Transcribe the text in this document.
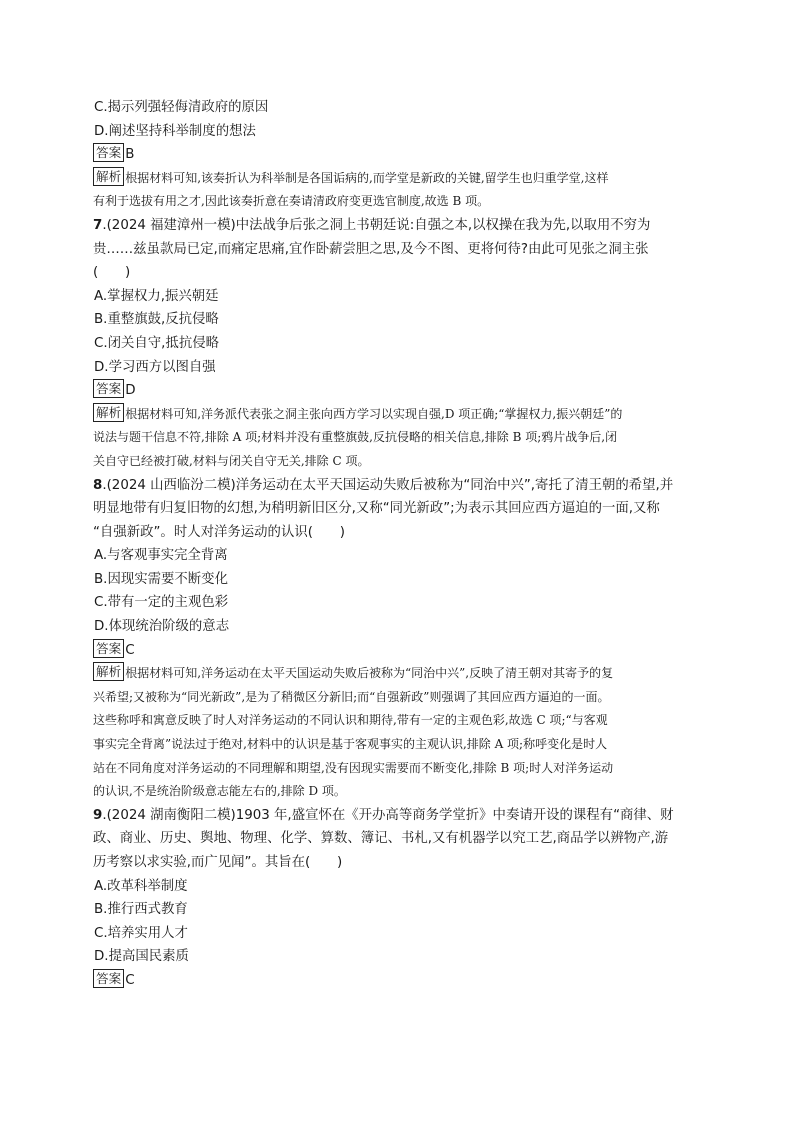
C.揭示列强轻侮清政府的原因
D.阐述坚持科举制度的想法
答案 B
解析 根据材料可知,该奏折认为科举制是各国诟病的,而学堂是新政的关键,留学生也归重学堂,这样
有利于选拔有用之才,因此该奏折意在奏请清政府变更选官制度,故选 B 项。
7.(2024 福建漳州一模)中法战争后张之洞上书朝廷说:自强之本,以权操在我为先,以取用不穷为
贵……兹虽款局已定,而痛定思痛,宜作卧薪尝胆之思,及今不图、更将何待?由此可见张之洞主张
(　　)
A.掌握权力,振兴朝廷
B.重整旗鼓,反抗侵略
C.闭关自守,抵抗侵略
D.学习西方以图自强
答案 D
解析 根据材料可知,洋务派代表张之洞主张向西方学习以实现自强,D 项正确;“掌握权力,振兴朝廷”的
说法与题干信息不符,排除 A 项;材料并没有重整旗鼓,反抗侵略的相关信息,排除 B 项;鸦片战争后,闭
关自守已经被打破,材料与闭关自守无关,排除 C 项。
8.(2024 山西临汾二模)洋务运动在太平天国运动失败后被称为“同治中兴”,寄托了清王朝的希望,并
明显地带有归复旧物的幻想,为稍明新旧区分,又称“同光新政”;为表示其回应西方逼迫的一面,又称
“自强新政”。时人对洋务运动的认识(　　)
A.与客观事实完全背离
B.因现实需要不断变化
C.带有一定的主观色彩
D.体现统治阶级的意志
答案 C
解析 根据材料可知,洋务运动在太平天国运动失败后被称为“同治中兴”,反映了清王朝对其寄予的复
兴希望;又被称为“同光新政”,是为了稍微区分新旧;而“自强新政”则强调了其回应西方逼迫的一面。
这些称呼和寓意反映了时人对洋务运动的不同认识和期待,带有一定的主观色彩,故选 C 项;“与客观
事实完全背离”说法过于绝对,材料中的认识是基于客观事实的主观认识,排除 A 项;称呼变化是时人
站在不同角度对洋务运动的不同理解和期望,没有因现实需要而不断变化,排除 B 项;时人对洋务运动
的认识,不是统治阶级意志能左右的,排除 D 项。
9.(2024 湖南衡阳二模)1903 年,盛宣怀在《开办高等商务学堂折》中奏请开设的课程有“商律、财
政、商业、历史、舆地、物理、化学、算数、簿记、书札,又有机器学以究工艺,商品学以辨物产,游
历考察以求实验,而广见闻”。其旨在(　　)
A.改革科举制度
B.推行西式教育
C.培养实用人才
D.提高国民素质
答案 C
